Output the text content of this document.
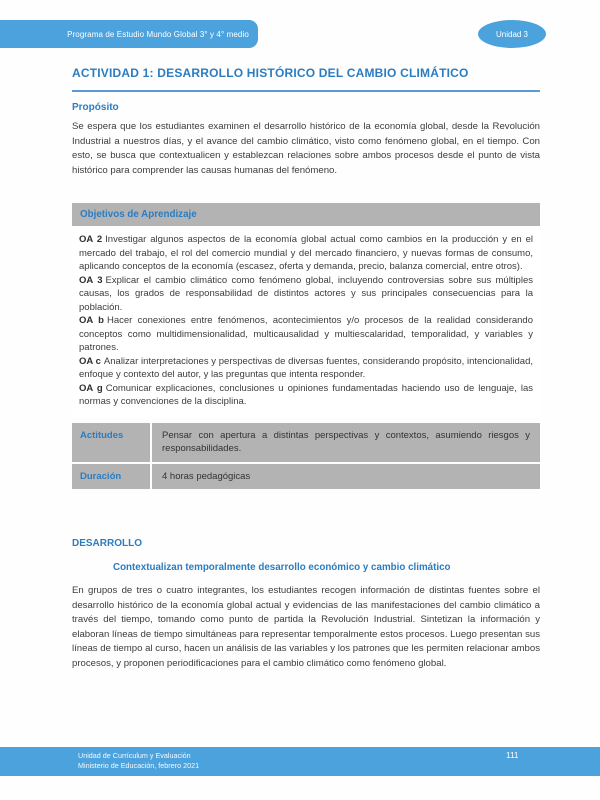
Programa de Estudio Mundo Global 3° y 4° medio	Unidad 3
ACTIVIDAD 1: DESARROLLO HISTÓRICO DEL CAMBIO CLIMÁTICO
Propósito
Se espera que los estudiantes examinen el desarrollo histórico de la economía global, desde la Revolución Industrial a nuestros días, y el avance del cambio climático, visto como fenómeno global, en el tiempo. Con esto, se busca que contextualicen y establezcan relaciones sobre ambos procesos desde el punto de vista histórico para comprender las causas humanas del fenómeno.
Objetivos de Aprendizaje

OA 2 Investigar algunos aspectos de la economía global actual como cambios en la producción y en el mercado del trabajo, el rol del comercio mundial y del mercado financiero, y nuevas formas de consumo, aplicando conceptos de la economía (escasez, oferta y demanda, precio, balanza comercial, entre otros).

OA 3 Explicar el cambio climático como fenómeno global, incluyendo controversias sobre sus múltiples causas, los grados de responsabilidad de distintos actores y sus principales consecuencias para la población.

OA b Hacer conexiones entre fenómenos, acontecimientos y/o procesos de la realidad considerando conceptos como multidimensionalidad, multicausalidad y multiescalaridad, temporalidad, y variables y patrones.

OA c Analizar interpretaciones y perspectivas de diversas fuentes, considerando propósito, intencionalidad, enfoque y contexto del autor, y las preguntas que intenta responder.

OA g Comunicar explicaciones, conclusiones u opiniones fundamentadas haciendo uso de lenguaje, las normas y convenciones de la disciplina.

Actitudes	Pensar con apertura a distintas perspectivas y contextos, asumiendo riesgos y responsabilidades.
Duración	4 horas pedagógicas
DESARROLLO
Contextualizan temporalmente desarrollo económico y cambio climático
En grupos de tres o cuatro integrantes, los estudiantes recogen información de distintas fuentes sobre el desarrollo histórico de la economía global actual y evidencias de las manifestaciones del cambio climático a través del tiempo, tomando como punto de partida la Revolución Industrial. Sintetizan la información y elaboran líneas de tiempo simultáneas para representar temporalmente estos procesos. Luego presentan sus líneas de tiempo al curso, hacen un análisis de las variables y los patrones que les permiten relacionar ambos procesos, y proponen periodificaciones para el cambio climático como fenómeno global.
Unidad de Currículum y Evaluación
Ministerio de Educación, febrero 2021
111
